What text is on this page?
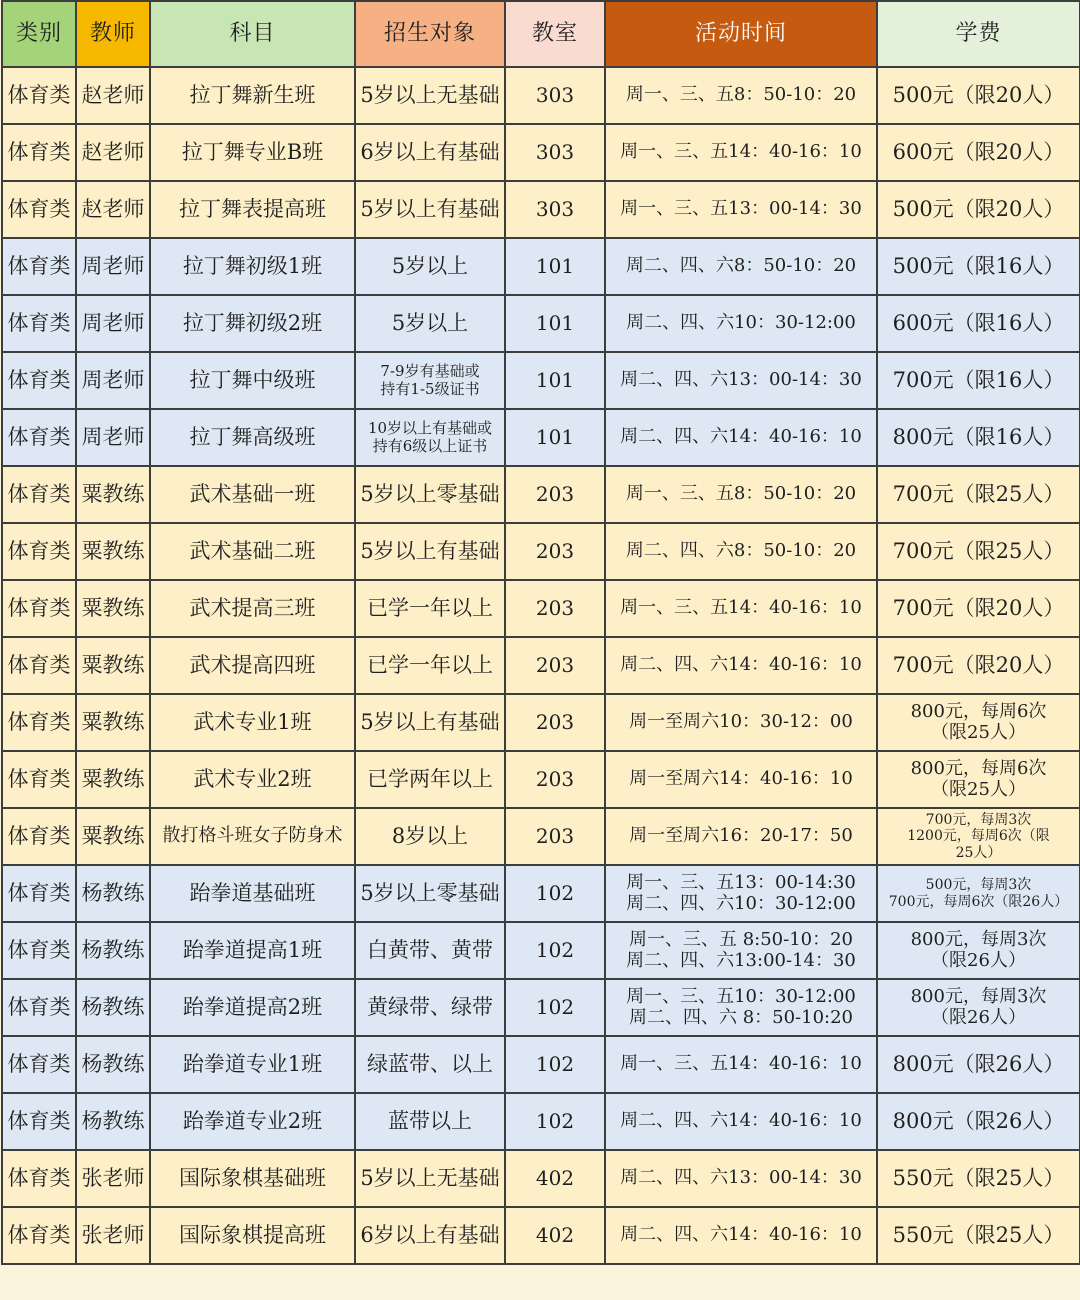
类别	教师	科目	招生对象	教室	活动时间	学费
体育类	赵老师	拉丁舞新生班	5岁以上无基础	303	周一、三、五8：50-10：20	500元（限20人）

体育类	赵老师	拉丁舞专业B班	6岁以上有基础	303	周一、三、五14：40-16：10	600元（限20人）

体育类	赵老师	拉丁舞表提高班	5岁以上有基础	303	周一、三、五13：00-14：30	500元（限20人）

体育类	周老师	拉丁舞初级1班	5岁以上	101	周二、四、六8：50-10：20	500元（限16人）

体育类	周老师	拉丁舞初级2班	5岁以上	101	周二、四、六10：30-12:00	600元（限16人）

体育类	周老师	拉丁舞中级班	7-9岁有基础或
持有1-5级证书	101	周二、四、六13：00-14：30	700元（限16人）

体育类	周老师	拉丁舞高级班	10岁以上有基础或
持有6级以上证书	101	周二、四、六14：40-16：10	800元（限16人）

体育类	粟教练	武术基础一班	5岁以上零基础	203	周一、三、五8：50-10：20	700元（限25人）

体育类	粟教练	武术基础二班	5岁以上有基础	203	周二、四、六8：50-10：20	700元（限25人）

体育类	粟教练	武术提高三班	已学一年以上	203	周一、三、五14：40-16：10	700元（限20人）

体育类	粟教练	武术提高四班	已学一年以上	203	周二、四、六14：40-16：10	700元（限20人）

体育类	粟教练	武术专业1班	5岁以上有基础	203	周一至周六10：30-12：00	800元，每周6次
（限25人）

体育类	粟教练	武术专业2班	已学两年以上	203	周一至周六14：40-16：10	800元，每周6次
（限25人）

体育类	粟教练	散打格斗班女子防身术	8岁以上	203	周一至周六16：20-17：50	700元，每周3次
1200元，每周6次（限
25人）

体育类	杨教练	跆拳道基础班	5岁以上零基础	102	周一、三、五13：00-14:30
周二、四、六10：30-12:00	500元，每周3次
700元，每周6次（限26人）

体育类	杨教练	跆拳道提高1班	白黄带、黄带	102	周一、三、五 8:50-10：20
周二、四、六13:00-14：30	800元，每周3次
（限26人）

体育类	杨教练	跆拳道提高2班	黄绿带、绿带	102	周一、三、五10：30-12:00
周二、四、六 8：50-10:20	800元，每周3次
（限26人）

体育类	杨教练	跆拳道专业1班	绿蓝带、以上	102	周一、三、五14：40-16：10	800元（限26人）

体育类	杨教练	跆拳道专业2班	蓝带以上	102	周二、四、六14：40-16：10	800元（限26人）

体育类	张老师	国际象棋基础班	5岁以上无基础	402	周二、四、六13：00-14：30	550元（限25人）

体育类	张老师	国际象棋提高班	6岁以上有基础	402	周二、四、六14：40-16：10	550元（限25人）
